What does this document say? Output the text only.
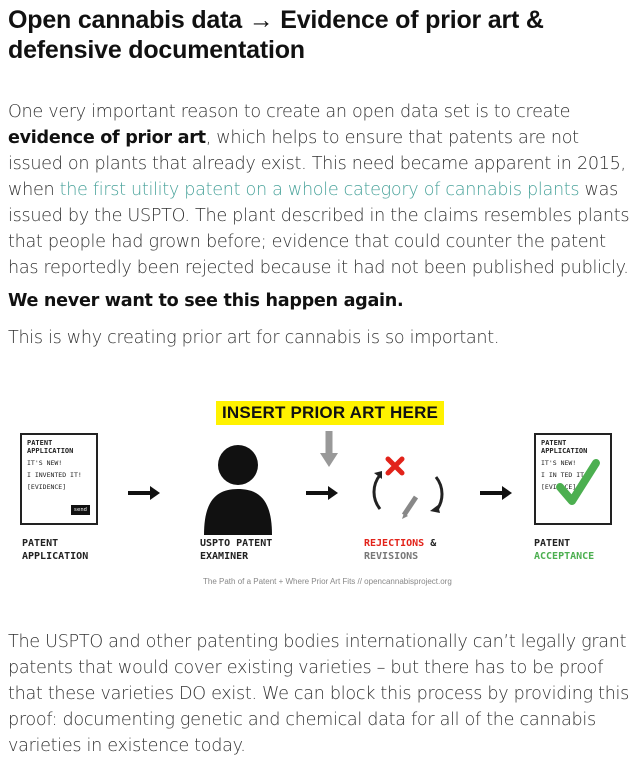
Open cannabis data → Evidence of prior art & defensive documentation

One very important reason to create an open data set is to create evidence of prior art, which helps to ensure that patents are not issued on plants that already exist. This need became apparent in 2015, when the first utility patent on a whole category of cannabis plants was issued by the USPTO. The plant described in the claims resembles plants that people had grown before; evidence that could counter the patent has reportedly been rejected because it had not been published publicly.

We never want to see this happen again.

This is why creating prior art for cannabis is so important.

INSERT PRIOR ART HERE
PATENT
APPLICATION
IT'S NEW!
I INVENTED IT!
[EVIDENCE]
send
PATENT
APPLICATION
IT'S NEW!
I IN TED IT!
[EVID CE]
PATENT
APPLICATION
USPTO PATENT
EXAMINER
REJECTIONS &
REVISIONS
PATENT
ACCEPTANCE
The Path of a Patent + Where Prior Art Fits // opencannabisproject.org

The USPTO and other patenting bodies internationally can’t legally grant patents that would cover existing varieties – but there has to be proof that these varieties DO exist. We can block this process by providing this proof: documenting genetic and chemical data for all of the cannabis varieties in existence today.
